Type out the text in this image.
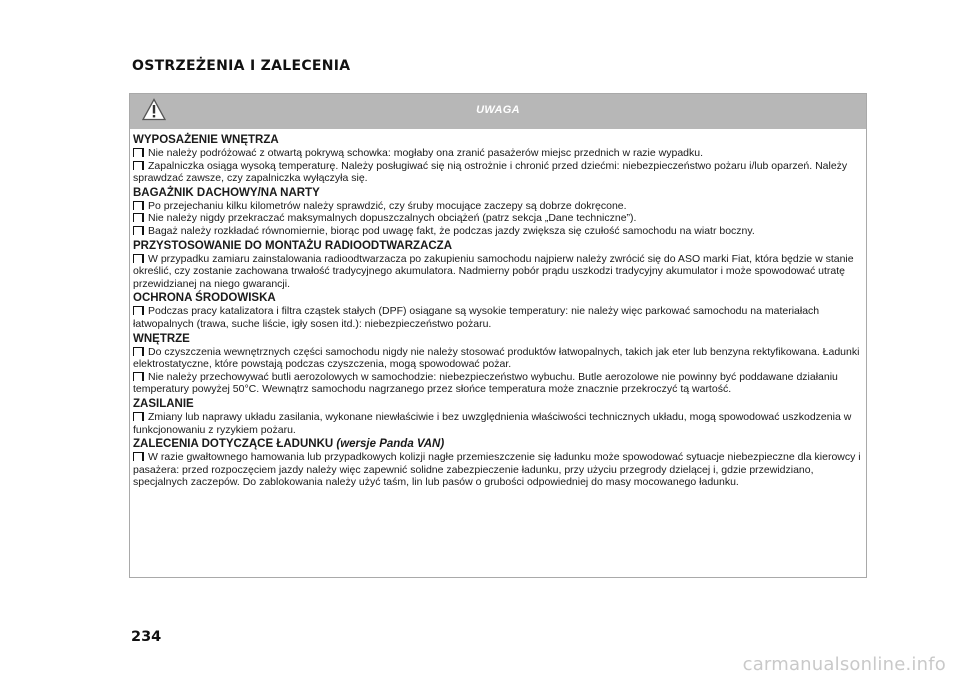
OSTRZEŻENIA I ZALECENIA
UWAGA
WYPOSAŻENIE WNĘTRZA
Nie należy podróżować z otwartą pokrywą schowka: mogłaby ona zranić pasażerów miejsc przednich w razie wypadku.
Zapalniczka osiąga wysoką temperaturę. Należy posługiwać się nią ostrożnie i chronić przed dziećmi: niebezpieczeństwo pożaru i/lub oparzeń. Należy sprawdzać zawsze, czy zapalniczka wyłączyła się.
BAGAŻNIK DACHOWY/NA NARTY
Po przejechaniu kilku kilometrów należy sprawdzić, czy śruby mocujące zaczepy są dobrze dokręcone.
Nie należy nigdy przekraczać maksymalnych dopuszczalnych obciążeń (patrz sekcja „Dane techniczne”).
Bagaż należy rozkładać równomiernie, biorąc pod uwagę fakt, że podczas jazdy zwiększa się czułość samochodu na wiatr boczny.
PRZYSTOSOWANIE DO MONTAŻU RADIOODTWARZACZA
W przypadku zamiaru zainstalowania radioodtwarzacza po zakupieniu samochodu najpierw należy zwrócić się do ASO marki Fiat, która będzie w stanie określić, czy zostanie zachowana trwałość tradycyjnego akumulatora. Nadmierny pobór prądu uszkodzi tradycyjny akumulator i może spowodować utratę przewidzianej na niego gwarancji.
OCHRONA ŚRODOWISKA
Podczas pracy katalizatora i filtra cząstek stałych (DPF) osiągane są wysokie temperatury: nie należy więc parkować samochodu na materiałach łatwopalnych (trawa, suche liście, igły sosen itd.): niebezpieczeństwo pożaru.
WNĘTRZE
Do czyszczenia wewnętrznych części samochodu nigdy nie należy stosować produktów łatwopalnych, takich jak eter lub benzyna rektyfikowana. Ładunki elektrostatyczne, które powstają podczas czyszczenia, mogą spowodować pożar.
Nie należy przechowywać butli aerozolowych w samochodzie: niebezpieczeństwo wybuchu. Butle aerozolowe nie powinny być poddawane działaniu temperatury powyżej 50°C. Wewnątrz samochodu nagrzanego przez słońce temperatura może znacznie przekroczyć tą wartość.
ZASILANIE
Zmiany lub naprawy układu zasilania, wykonane niewłaściwie i bez uwzględnienia właściwości technicznych układu, mogą spowodować uszkodzenia w funkcjonowaniu z ryzykiem pożaru.
ZALECENIA DOTYCZĄCE ŁADUNKU (wersje Panda VAN)
W razie gwałtownego hamowania lub przypadkowych kolizji nagłe przemieszczenie się ładunku może spowodować sytuacje niebezpieczne dla kierowcy i pasażera: przed rozpoczęciem jazdy należy więc zapewnić solidne zabezpieczenie ładunku, przy użyciu przegrody dzielącej i, gdzie przewidziano, specjalnych zaczepów. Do zablokowania należy użyć taśm, lin lub pasów o grubości odpowiedniej do masy mocowanego ładunku.
234
carmanualsonline.info
